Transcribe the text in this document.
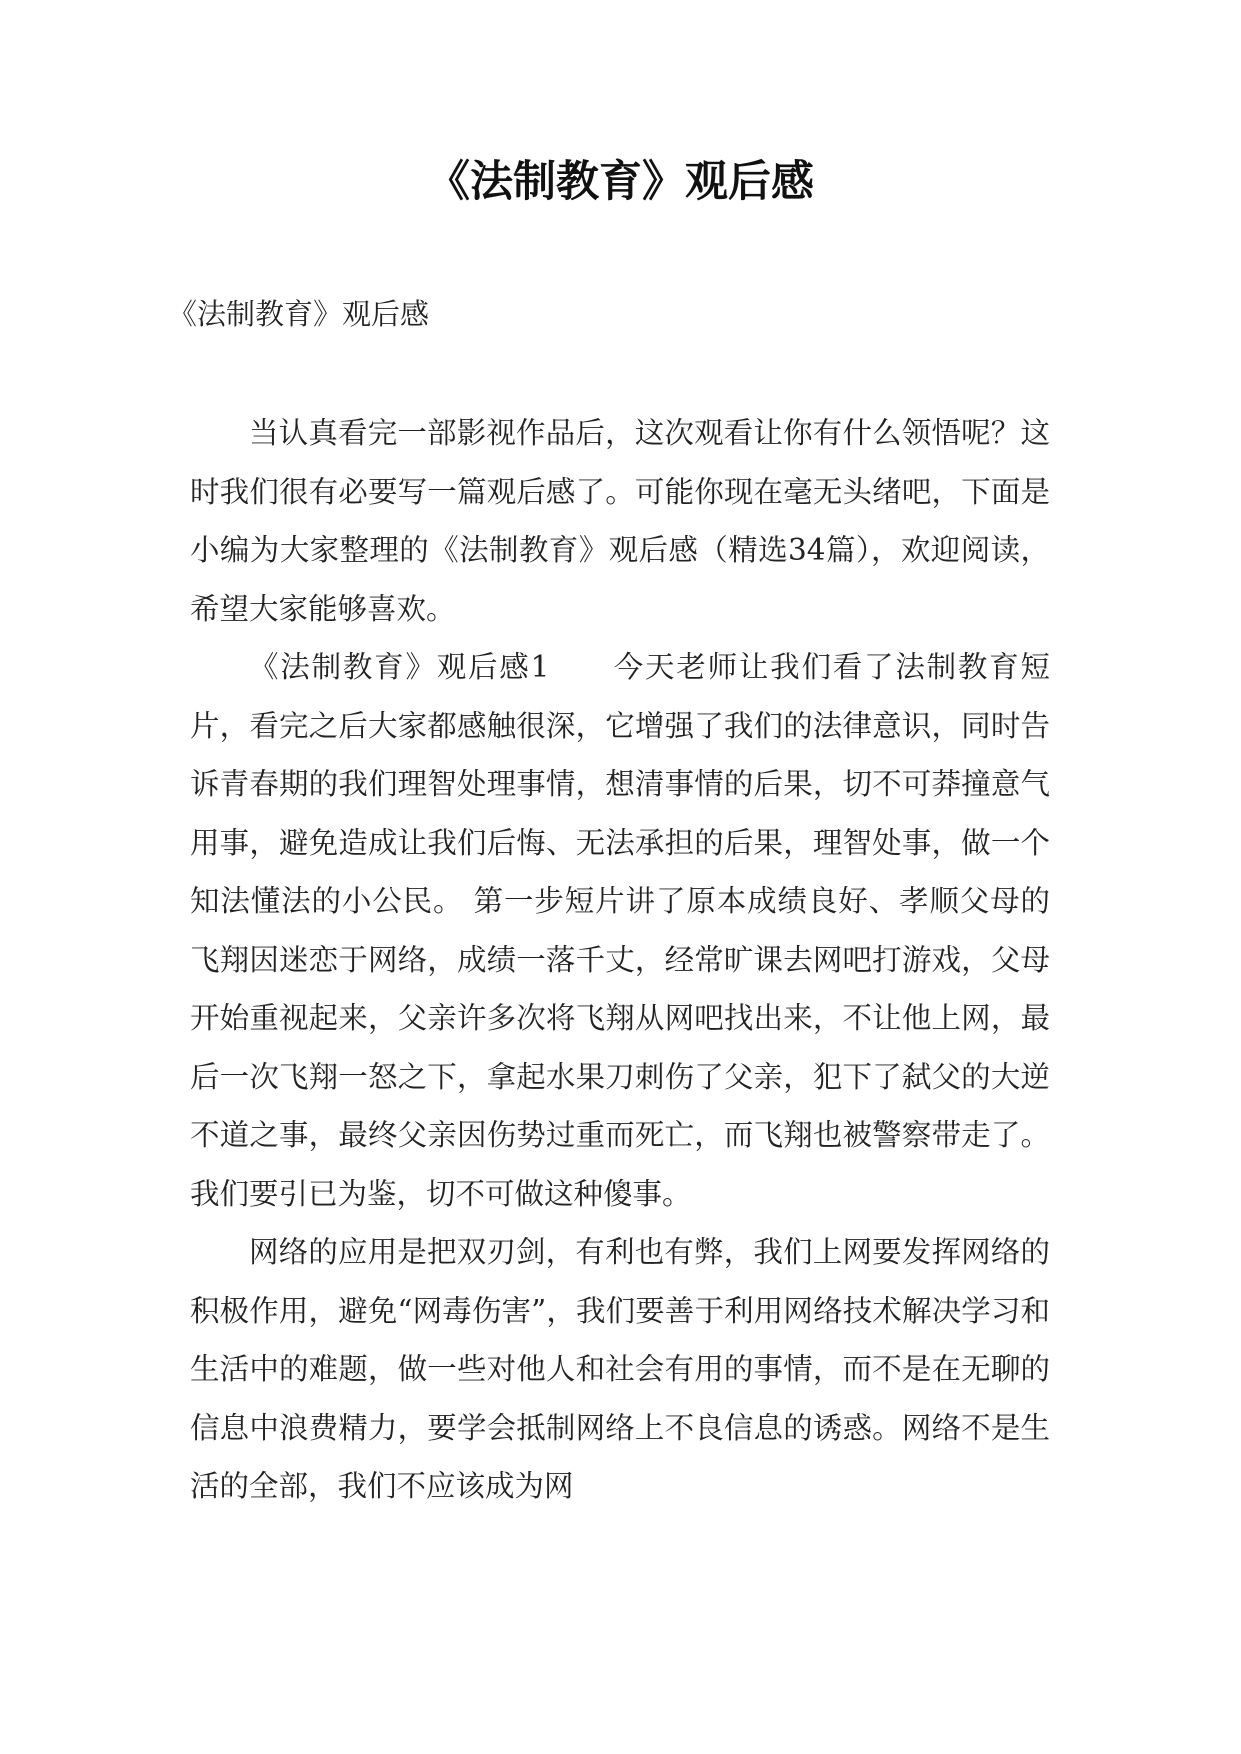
《法制教育》观后感
《法制教育》观后感

当认真看完一部影视作品后，这次观看让你有什么领悟呢？这时我们很有必要写一篇观后感了。可能你现在毫无头绪吧，下面是小编为大家整理的《法制教育》观后感（精选34篇），欢迎阅读，希望大家能够喜欢。

《法制教育》观后感1　　今天老师让我们看了法制教育短片，看完之后大家都感触很深，它增强了我们的法律意识，同时告诉青春期的我们理智处理事情，想清事情的后果，切不可莽撞意气用事，避免造成让我们后悔、无法承担的后果，理智处事，做一个知法懂法的小公民。 第一步短片讲了原本成绩良好、孝顺父母的飞翔因迷恋于网络，成绩一落千丈，经常旷课去网吧打游戏，父母开始重视起来，父亲许多次将飞翔从网吧找出来，不让他上网，最后一次飞翔一怒之下，拿起水果刀刺伤了父亲，犯下了弑父的大逆不道之事，最终父亲因伤势过重而死亡，而飞翔也被警察带走了。我们要引已为鉴，切不可做这种傻事。

网络的应用是把双刃剑，有利也有弊，我们上网要发挥网络的积极作用，避免“网毒伤害”，我们要善于利用网络技术解决学习和生活中的难题，做一些对他人和社会有用的事情，而不是在无聊的信息中浪费精力，要学会抵制网络上不良信息的诱惑。网络不是生活的全部，我们不应该成为网
